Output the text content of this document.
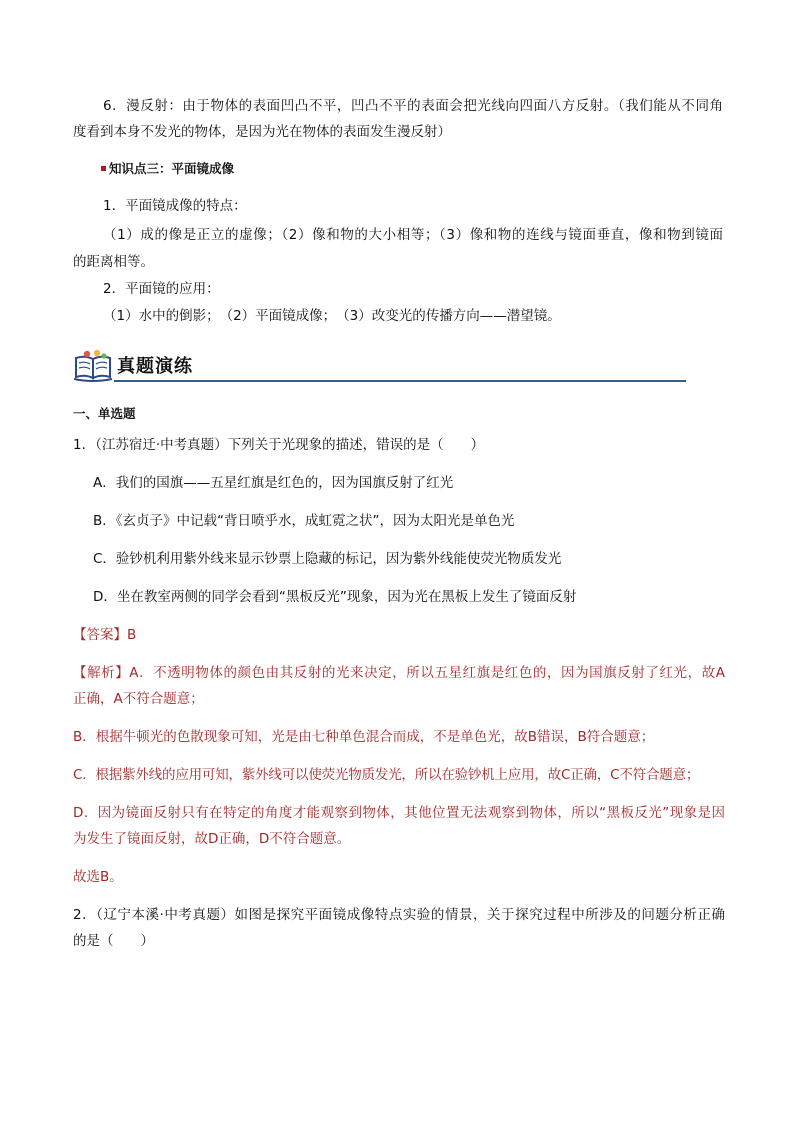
6．漫反射：由于物体的表面凹凸不平，凹凸不平的表面会把光线向四面八方反射。（我们能从不同角

度看到本身不发光的物体，是因为光在物体的表面发生漫反射）

知识点三：平面镜成像

1．平面镜成像的特点：

（1）成的像是正立的虚像；（2）像和物的大小相等；（3）像和物的连线与镜面垂直，像和物到镜面

的距离相等。

2．平面镜的应用：

（1）水中的倒影；　（2）平面镜成像；　（3）改变光的传播方向——潜望镜。

真题演练

一、单选题

1．（江苏宿迁·中考真题）下列关于光现象的描述，错误的是（　　）

A．我们的国旗——五星红旗是红色的，因为国旗反射了红光

B．《玄贞子》中记载“背日喷乎水，成虹霓之状”，因为太阳光是单色光

C．验钞机利用紫外线来显示钞票上隐藏的标记，因为紫外线能使荧光物质发光

D．坐在教室两侧的同学会看到“黑板反光”现象，因为光在黑板上发生了镜面反射

【答案】B

【解析】A．不透明物体的颜色由其反射的光来决定，所以五星红旗是红色的，因为国旗反射了红光，故A

正确，A不符合题意；

B．根据牛顿光的色散现象可知，光是由七种单色混合而成，不是单色光，故B错误，B符合题意；

C．根据紫外线的应用可知，紫外线可以使荧光物质发光，所以在验钞机上应用，故C正确，C不符合题意；

D．因为镜面反射只有在特定的角度才能观察到物体，其他位置无法观察到物体，所以“黑板反光”现象是因

为发生了镜面反射，故D正确，D不符合题意。

故选B。

2．（辽宁本溪·中考真题）如图是探究平面镜成像特点实验的情景，关于探究过程中所涉及的问题分析正确

的是（　　）
